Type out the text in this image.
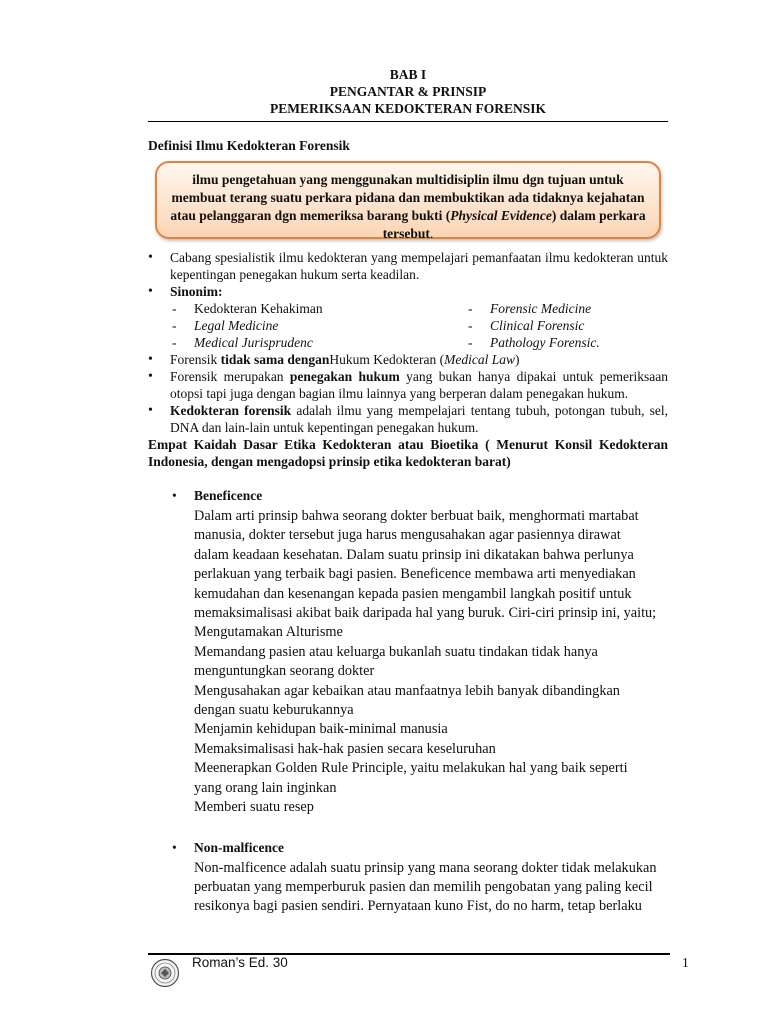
BAB I
PENGANTAR & PRINSIP
PEMERIKSAAN KEDOKTERAN FORENSIK
Definisi Ilmu Kedokteran Forensik
ilmu pengetahuan yang menggunakan multidisiplin ilmu dgn tujuan untuk membuat terang suatu perkara pidana dan membuktikan ada tidaknya kejahatan atau pelanggaran dgn memeriksa barang bukti (Physical Evidence) dalam perkara tersebut.
• Cabang spesialistik ilmu kedokteran yang mempelajari pemanfaatan ilmu kedokteran untuk kepentingan penegakan hukum serta keadilan.
• Sinonim:
- Kedokteran Kehakiman	- Forensic Medicine
- Legal Medicine	- Clinical Forensic
- Medical Jurisprudenc	- Pathology Forensic.
• Forensik tidak sama denganHukum Kedokteran (Medical Law)
• Forensik merupakan penegakan hukum yang bukan hanya dipakai untuk pemeriksaan otopsi tapi juga dengan bagian ilmu lainnya yang berperan dalam penegakan hukum.
• Kedokteran forensik adalah ilmu yang mempelajari tentang tubuh, potongan tubuh, sel, DNA dan lain-lain untuk kepentingan penegakan hukum.

Empat Kaidah Dasar Etika Kedokteran atau Bioetika ( Menurut Konsil Kedokteran Indonesia, dengan mengadopsi prinsip etika kedokteran barat)

• Beneficence
Dalam arti prinsip bahwa seorang dokter berbuat baik, menghormati martabat
manusia, dokter tersebut juga harus mengusahakan agar pasiennya dirawat
dalam keadaan kesehatan. Dalam suatu prinsip ini dikatakan bahwa perlunya
perlakuan yang terbaik bagi pasien. Beneficence membawa arti menyediakan
kemudahan dan kesenangan kepada pasien mengambil langkah positif untuk
memaksimalisasi akibat baik daripada hal yang buruk. Ciri-ciri prinsip ini, yaitu;
Mengutamakan Alturisme
Memandang pasien atau keluarga bukanlah suatu tindakan tidak hanya
menguntungkan seorang dokter
Mengusahakan agar kebaikan atau manfaatnya lebih banyak dibandingkan
dengan suatu keburukannya
Menjamin kehidupan baik-minimal manusia
Memaksimalisasi hak-hak pasien secara keseluruhan
Meenerapkan Golden Rule Principle, yaitu melakukan hal yang baik seperti
yang orang lain inginkan
Memberi suatu resep
• Non-malficence
Non-malficence adalah suatu prinsip yang mana seorang dokter tidak melakukan
perbuatan yang memperburuk pasien dan memilih pengobatan yang paling kecil
resikonya bagi pasien sendiri. Pernyataan kuno Fist, do no harm, tetap berlaku
Roman’s Ed. 30	1
